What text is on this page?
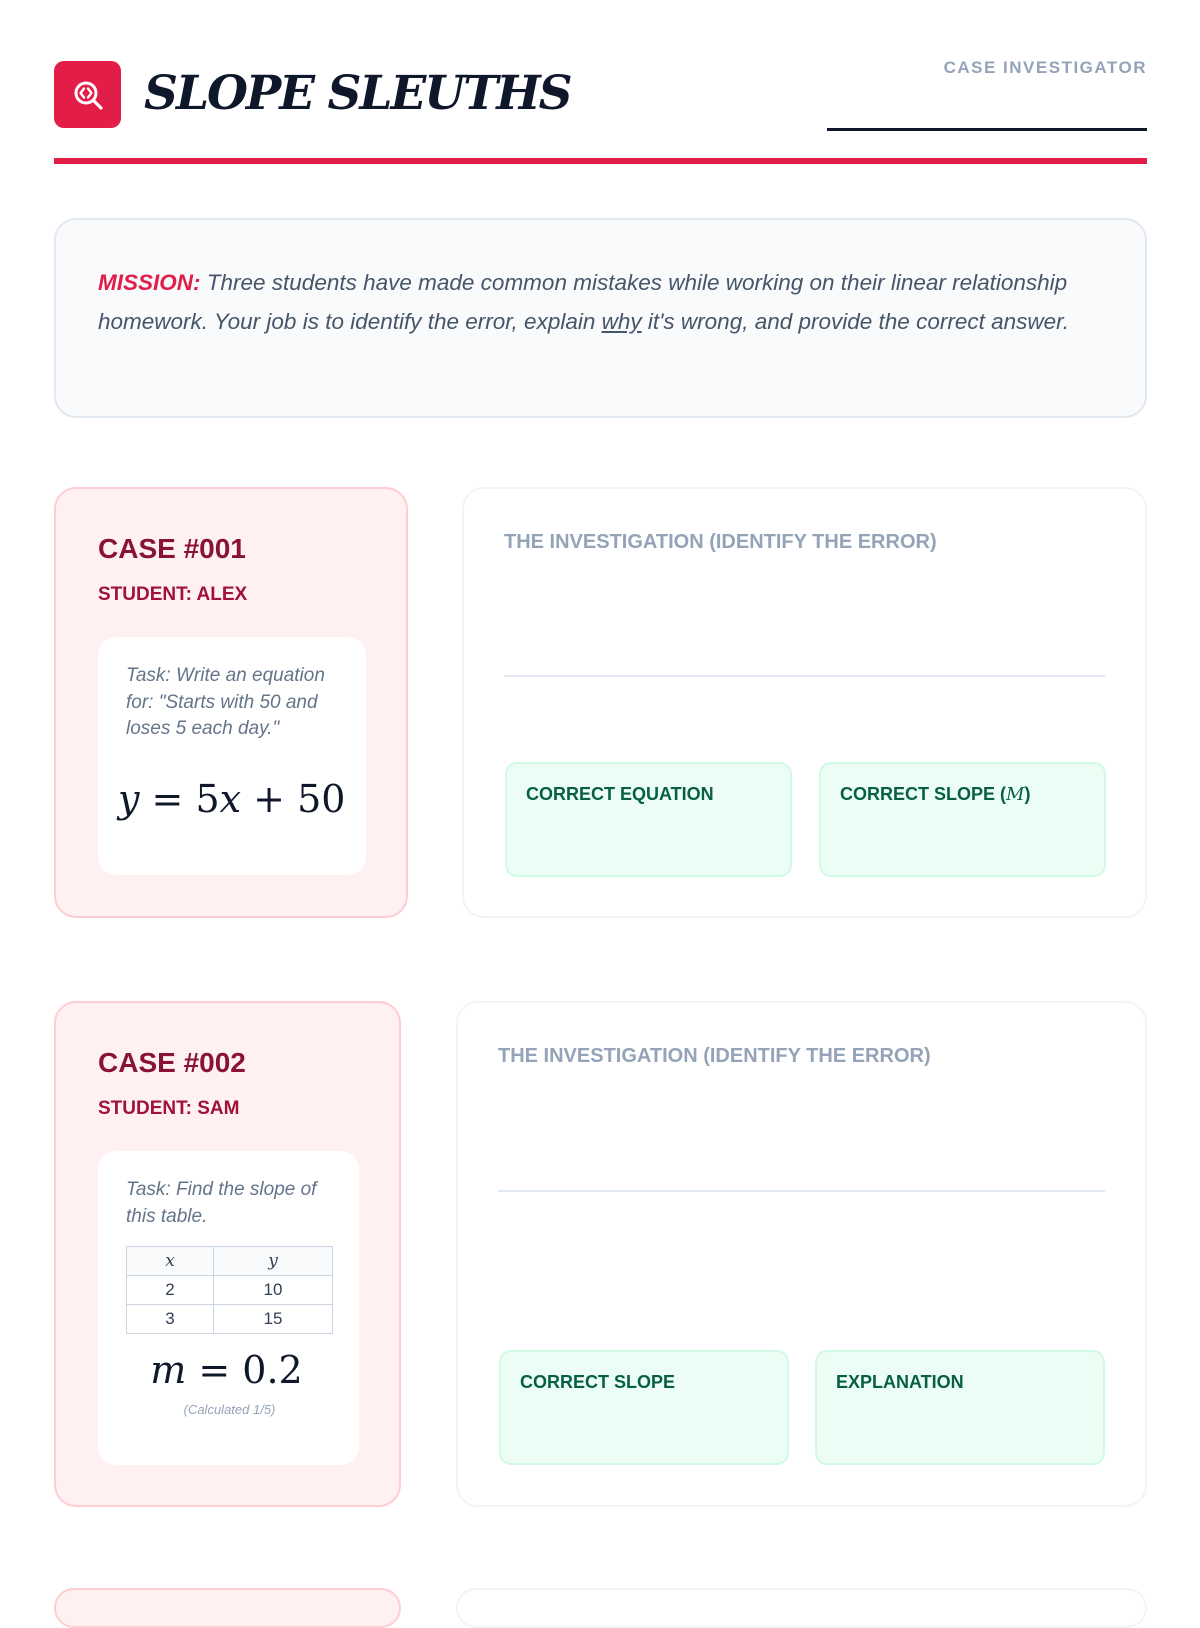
SLOPE SLEUTHS	CASE INVESTIGATOR
MISSION: Three students have made common mistakes while working on their linear relationship homework. Your job is to identify the error, explain why it's wrong, and provide the correct answer.
CASE #001
STUDENT: ALEX
Task: Write an equation for: "Starts with 50 and loses 5 each day."
y = 5x + 50
THE INVESTIGATION (IDENTIFY THE ERROR)
CORRECT EQUATION	CORRECT SLOPE (M)
CASE #002
STUDENT: SAM
Task: Find the slope of this table.
x	y
2	10
3	15
m = 0.2
(Calculated 1/5)
THE INVESTIGATION (IDENTIFY THE ERROR)
CORRECT SLOPE	EXPLANATION
